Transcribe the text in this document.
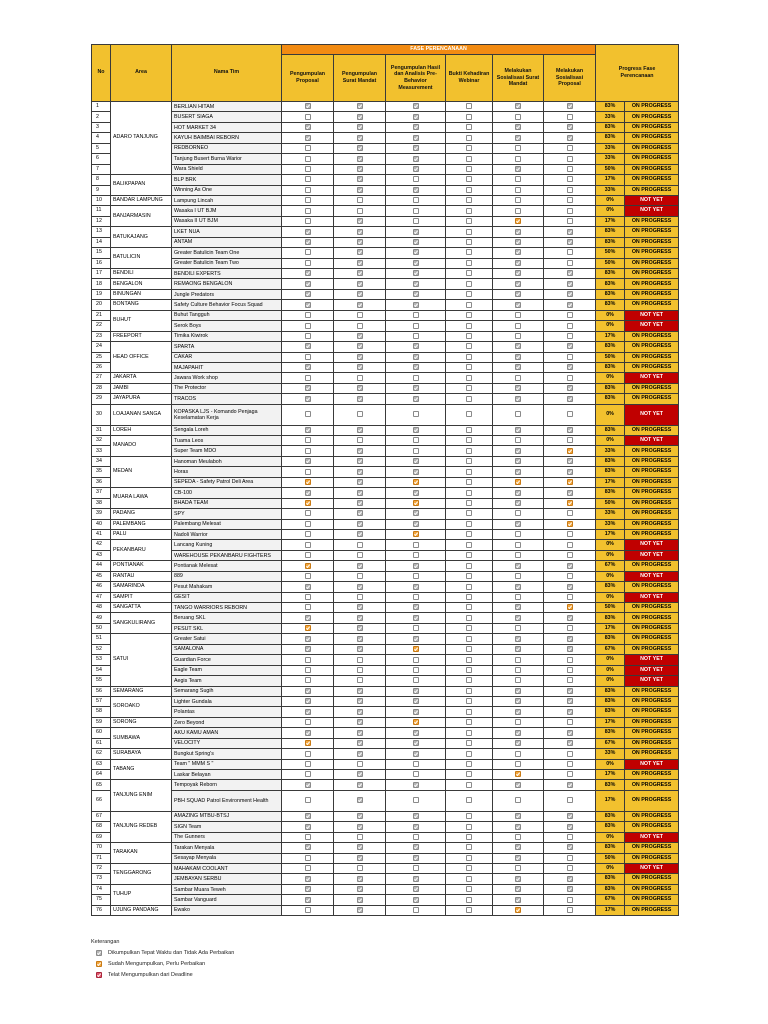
No	Area	Nama Tim	FASE PERENCANAAN						Progress Fase Perencanaan	
			Pengumpulan Proposal	Pengumpulan Surat Mandat	Pengumpulan Hasil dan Analisis Pre-Behavior Measurement	Bukti Kehadiran Webinar	Melakukan Sosialisasi Surat Mandat	Melakukan Sosialisasi Proposal		
1	ADARO TANJUNG	BERLIAN HITAM							83%	ON PROGRESS
2		BUSERT SIAGA							33%	ON PROGRESS
3		HOT MARKET 34							83%	ON PROGRESS
4		KAYUH BAIMBAI REBORN							83%	ON PROGRESS
5		REDBORNEO							33%	ON PROGRESS
6		Tanjung Busert Burna Warior							33%	ON PROGRESS
7		Wara Shield							50%	ON PROGRESS
8	BALIKPAPAN	BLP BRK							17%	ON PROGRESS
9		Winning As One							33%	ON PROGRESS
10	BANDAR LAMPUNG	Lampung Lincah							0%	NOT YET
11	BANJARMASIN	Wasaka I UT BJM							0%	NOT YET
12		Wasaka II UT BJM							17%	ON PROGRESS
13	BATUKAJANG	LKET NUA							83%	ON PROGRESS
14		ANTAM							83%	ON PROGRESS
15	BATULICIN	Greater Batulicin Team One							50%	ON PROGRESS
16		Greater Batulicin Team Two							50%	ON PROGRESS
17	BENDILI	BENDILI EXPERTS							83%	ON PROGRESS
18	BENGALON	REMAONG BENGALON							83%	ON PROGRESS
19	BINUNGAN	Jungle Predators							83%	ON PROGRESS
20	BONTANG	Safety Culture Behavior Focus Squad							83%	ON PROGRESS
21	BUHUT	Buhut Tangguh							0%	NOT YET
22		Serok Boys							0%	NOT YET
23	FREEPORT	Timika Kiwirok							17%	ON PROGRESS
24	HEAD OFFICE	SPARTA							83%	ON PROGRESS
25		CAKAR							50%	ON PROGRESS
26		MAJAPAHIT							83%	ON PROGRESS
27	JAKARTA	Jawara Work shop							0%	NOT YET
28	JAMBI	The Protector							83%	ON PROGRESS
29	JAYAPURA	TRACOS							83%	ON PROGRESS
30	LOAJANAN SANGA	KOPASKA LJS - Komando Penjaga Keselamatan Kerja							0%	NOT YET
31	LOREH	Sengala Loreh							83%	ON PROGRESS
32	MANADO	Tuama Leos							0%	NOT YET
33		Super Team MDO							33%	ON PROGRESS
34	MEDAN	Hanoman Meulaboh							83%	ON PROGRESS
35		Horas							83%	ON PROGRESS
36		SEPEDA - Safety Patrol Deli Area							17%	ON PROGRESS
37	MUARA LAWA	CB-100							83%	ON PROGRESS
38		BHADA TEAM							50%	ON PROGRESS
39	PADANG	SPY							33%	ON PROGRESS
40	PALEMBANG	Palembang Melesat							33%	ON PROGRESS
41	PALU	Nadoli Warrior							17%	ON PROGRESS
42	PEKANBARU	Lancang Kuning							0%	NOT YET
43		WAREHOUSE PEKANBARU FIGHTERS							0%	NOT YET
44	PONTIANAK	Pontianak Melesat							67%	ON PROGRESS
45	RANTAU	889							0%	NOT YET
46	SAMARINDA	Pesut Mahakam							83%	ON PROGRESS
47	SAMPIT	GESIT							0%	NOT YET
48	SANGATTA	TANGO WARRIORS REBORN							50%	ON PROGRESS
49	SANGKULIRANG	Beruang SKL							83%	ON PROGRESS
50		PESUT SKL							17%	ON PROGRESS
51	SATUI	Greater Satui							83%	ON PROGRESS
52		SAMALONA							67%	ON PROGRESS
53		Guardian Force							0%	NOT YET
54		Eagle Team							0%	NOT YET
55		Aegis Team							0%	NOT YET
56	SEMARANG	Semarang Sugih							83%	ON PROGRESS
57	SOROAKO	Lighter Gundala							83%	ON PROGRESS
58		Polantas							83%	ON PROGRESS
59	SORONG	Zero Beyond							17%	ON PROGRESS
60	SUMBAWA	AKU KAMU AMAN							83%	ON PROGRESS
61		VELOCITY							67%	ON PROGRESS
62	SURABAYA	Bungkut Spring's							33%	ON PROGRESS
63	TABANG	Team " MMM S "							0%	NOT YET
64		Laskar Belayan							17%	ON PROGRESS
65	TANJUNG ENIM	Tempoyak Reborn							83%	ON PROGRESS
66		PBH SQUAD Patrol Environment Health							17%	ON PROGRESS
67	TANJUNG REDEB	AMAZING MTBU-BTSJ							83%	ON PROGRESS
68		SIGN Team							83%	ON PROGRESS
69		The Gunners							0%	NOT YET
70	TARAKAN	Tarakan Menyala							83%	ON PROGRESS
71		Sesayap Menyala							50%	ON PROGRESS
72	TENGGARONG	MAHAKAM COOLANT							0%	NOT YET
73		JEMBAYAN SERBU							83%	ON PROGRESS
74	TUHUP	Sambar Muara Teweh							83%	ON PROGRESS
75		Sambar Vanguard							67%	ON PROGRESS
76	UJUNG PANDANG	Ewako							17%	ON PROGRESS
Keterangan
Dikumpulkan Tepat Waktu dan Tidak Ada Perbaikan
Sudah Mengumpulkan, Perlu Perbaikan
Telat Mengumpulkan dari Deadline
